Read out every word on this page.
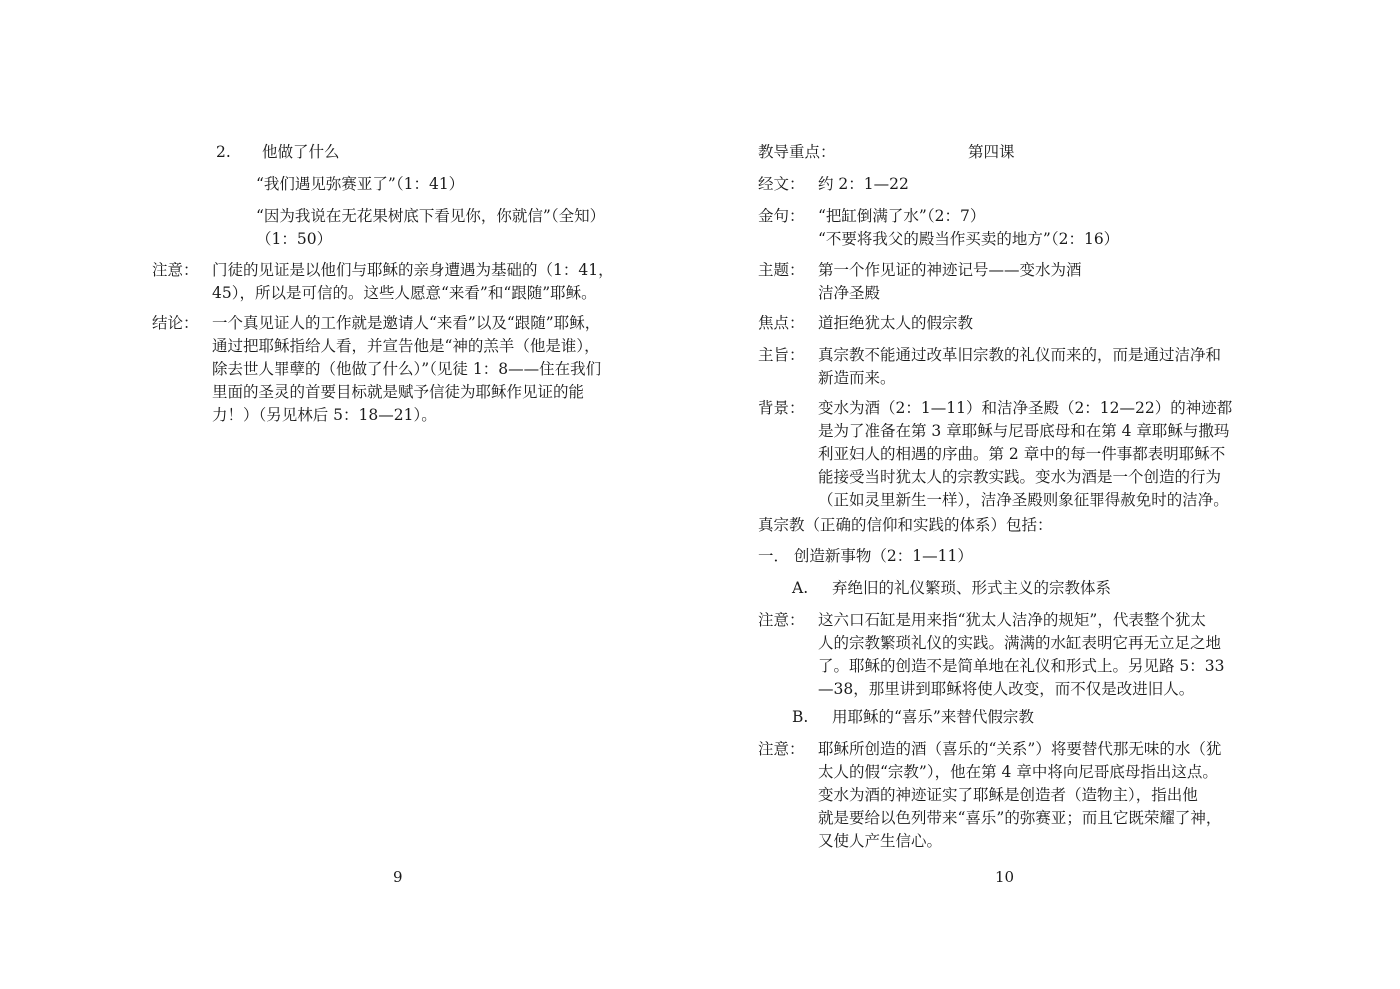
2. 他做了什么
“我们遇见弥赛亚了”（1：41）
“因为我说在无花果树底下看见你，你就信”（全知）
（1：50）
注意： 门徒的见证是以他们与耶稣的亲身遭遇为基础的（1：41，
45），所以是可信的。这些人愿意“来看”和“跟随”耶稣。
结论： 一个真见证人的工作就是邀请人“来看”以及“跟随”耶稣，
通过把耶稣指给人看，并宣告他是“神的羔羊（他是谁），
除去世人罪孽的（他做了什么）”（见徒 1：8——住在我们
里面的圣灵的首要目标就是赋予信徒为耶稣作见证的能
力！）（另见林后 5：18—21）。
9
教导重点：	第四课
经文： 约 2：1—22
金句： “把缸倒满了水”（2：7）
“不要将我父的殿当作买卖的地方”（2：16）
主题： 第一个作见证的神迹记号——变水为酒
洁净圣殿
焦点： 道拒绝犹太人的假宗教
主旨： 真宗教不能通过改革旧宗教的礼仪而来的，而是通过洁净和
新造而来。
背景： 变水为酒（2：1—11）和洁净圣殿（2：12—22）的神迹都
是为了准备在第 3 章耶稣与尼哥底母和在第 4 章耶稣与撒玛
利亚妇人的相遇的序曲。第 2 章中的每一件事都表明耶稣不
能接受当时犹太人的宗教实践。变水为酒是一个创造的行为
（正如灵里新生一样），洁净圣殿则象征罪得赦免时的洁净。
真宗教（正确的信仰和实践的体系）包括：
一． 创造新事物（2：1—11）
A. 弃绝旧的礼仪繁琐、形式主义的宗教体系
注意： 这六口石缸是用来指“犹太人洁净的规矩”，代表整个犹太
人的宗教繁琐礼仪的实践。满满的水缸表明它再无立足之地
了。耶稣的创造不是简单地在礼仪和形式上。另见路 5：33
—38，那里讲到耶稣将使人改变，而不仅是改进旧人。
B. 用耶稣的“喜乐”来替代假宗教
注意： 耶稣所创造的酒（喜乐的“关系”）将要替代那无味的水（犹
太人的假“宗教”），他在第 4 章中将向尼哥底母指出这点。
变水为酒的神迹证实了耶稣是创造者（造物主），指出他
就是要给以色列带来“喜乐”的弥赛亚；而且它既荣耀了神，
又使人产生信心。
10
